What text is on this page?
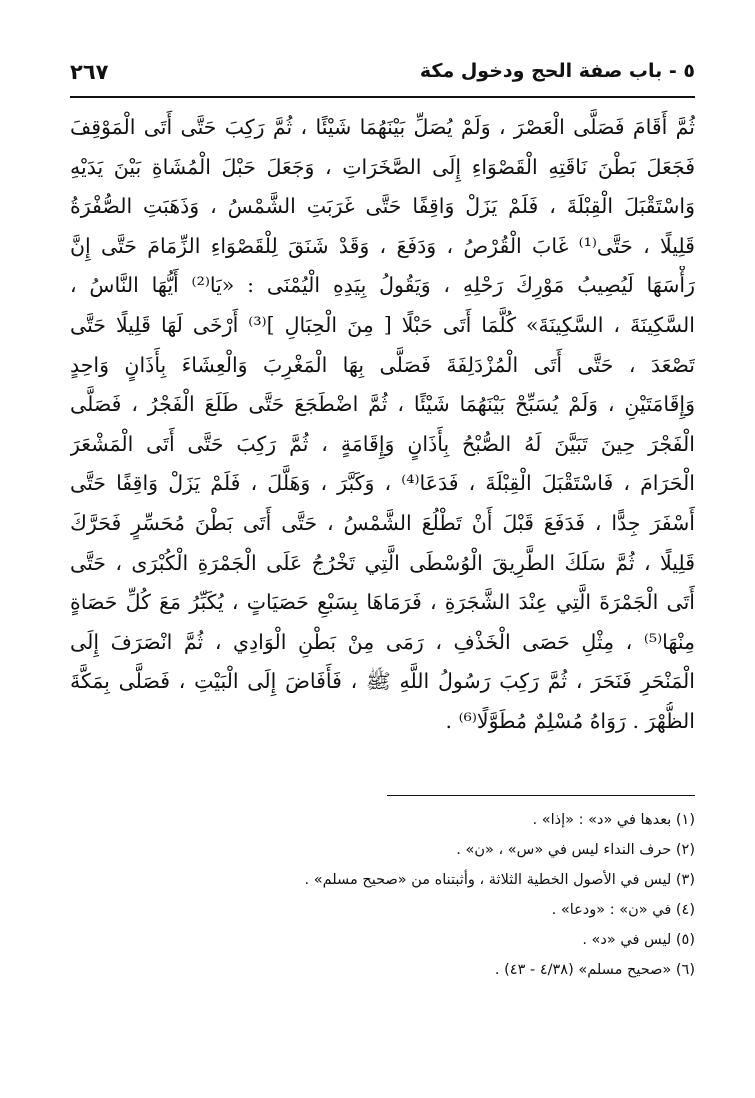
٥ - باب صفة الحج ودخول مكة
٢٦٧
ثُمَّ أَقَامَ فَصَلَّى الْعَصْرَ ، وَلَمْ يُصَلِّ بَيْنَهُمَا شَيْئًا ، ثُمَّ رَكِبَ حَتَّى أَتَى الْمَوْقِفَ
فَجَعَلَ بَطْنَ نَاقَتِهِ الْقَصْوَاءِ إِلَى الصَّخَرَاتِ ، وَجَعَلَ حَبْلَ الْمُشَاةِ بَيْنَ يَدَيْهِ
وَاسْتَقْبَلَ الْقِبْلَةَ ، فَلَمْ يَزَلْ وَاقِفًا حَتَّى غَرَبَتِ الشَّمْسُ ، وَذَهَبَتِ الصُّفْرَةُ
قَلِيلًا ، حَتَّى⁽¹⁾ غَابَ الْقُرْصُ ، وَدَفَعَ ، وَقَدْ شَنَقَ لِلْقَصْوَاءِ الزِّمَامَ حَتَّى إِنَّ
رَأْسَهَا لَيُصِيبُ مَوْرِكَ رَحْلِهِ ، وَيَقُولُ بِيَدِهِ الْيُمْنَى : «يَا⁽²⁾ أَيُّهَا النَّاسُ ،
السَّكِينَةَ ، السَّكِينَةَ» كُلَّمَا أَتَى حَبْلًا [ مِنَ الْحِبَالِ ]⁽³⁾ أَرْخَى لَهَا قَلِيلًا حَتَّى
تَصْعَدَ ، حَتَّى أَتَى الْمُزْدَلِفَةَ فَصَلَّى بِهَا الْمَغْرِبَ وَالْعِشَاءَ بِأَذَانٍ وَاحِدٍ
وَإِقَامَتَيْنِ ، وَلَمْ يُسَبِّحْ بَيْنَهُمَا شَيْئًا ، ثُمَّ اضْطَجَعَ حَتَّى طَلَعَ الْفَجْرُ ، فَصَلَّى
الْفَجْرَ حِينَ تَبَيَّنَ لَهُ الصُّبْحُ بِأَذَانٍ وَإِقَامَةٍ ، ثُمَّ رَكِبَ حَتَّى أَتَى الْمَشْعَرَ
الْحَرَامَ ، فَاسْتَقْبَلَ الْقِبْلَةَ ، فَدَعَا⁽⁴⁾ ، وَكَبَّرَ ، وَهَلَّلَ ، فَلَمْ يَزَلْ وَاقِفًا حَتَّى
أَسْفَرَ جِدًّا ، فَدَفَعَ قَبْلَ أَنْ تَطْلُعَ الشَّمْسُ ، حَتَّى أَتَى بَطْنَ مُحَسِّرٍ فَحَرَّكَ
قَلِيلًا ، ثُمَّ سَلَكَ الطَّرِيقَ الْوُسْطَى الَّتِي تَخْرُجُ عَلَى الْجَمْرَةِ الْكُبْرَى ، حَتَّى
أَتَى الْجَمْرَةَ الَّتِي عِنْدَ الشَّجَرَةِ ، فَرَمَاهَا بِسَبْعِ حَصَيَاتٍ ، يُكَبِّرُ مَعَ كُلِّ حَصَاةٍ
مِنْهَا⁽⁵⁾ ، مِثْلِ حَصَى الْخَذْفِ ، رَمَى مِنْ بَطْنِ الْوَادِي ، ثُمَّ انْصَرَفَ إِلَى
الْمَنْحَرِ فَنَحَرَ ، ثُمَّ رَكِبَ رَسُولُ اللَّهِ ﷺ ، فَأَفَاضَ إِلَى الْبَيْتِ ، فَصَلَّى بِمَكَّةَ
الظُّهْرَ . رَوَاهُ مُسْلِمٌ مُطَوَّلًا⁽⁶⁾ .
(١) بعدها في «د» : «إذا» .
(٢) حرف النداء ليس في «س» ، «ن» .
(٣) ليس في الأصول الخطية الثلاثة ، وأثبتناه من «صحيح مسلم» .
(٤) في «ن» : «ودعا» .
(٥) ليس في «د» .
(٦) «صحيح مسلم» (٤/٣٨ - ٤٣) .
